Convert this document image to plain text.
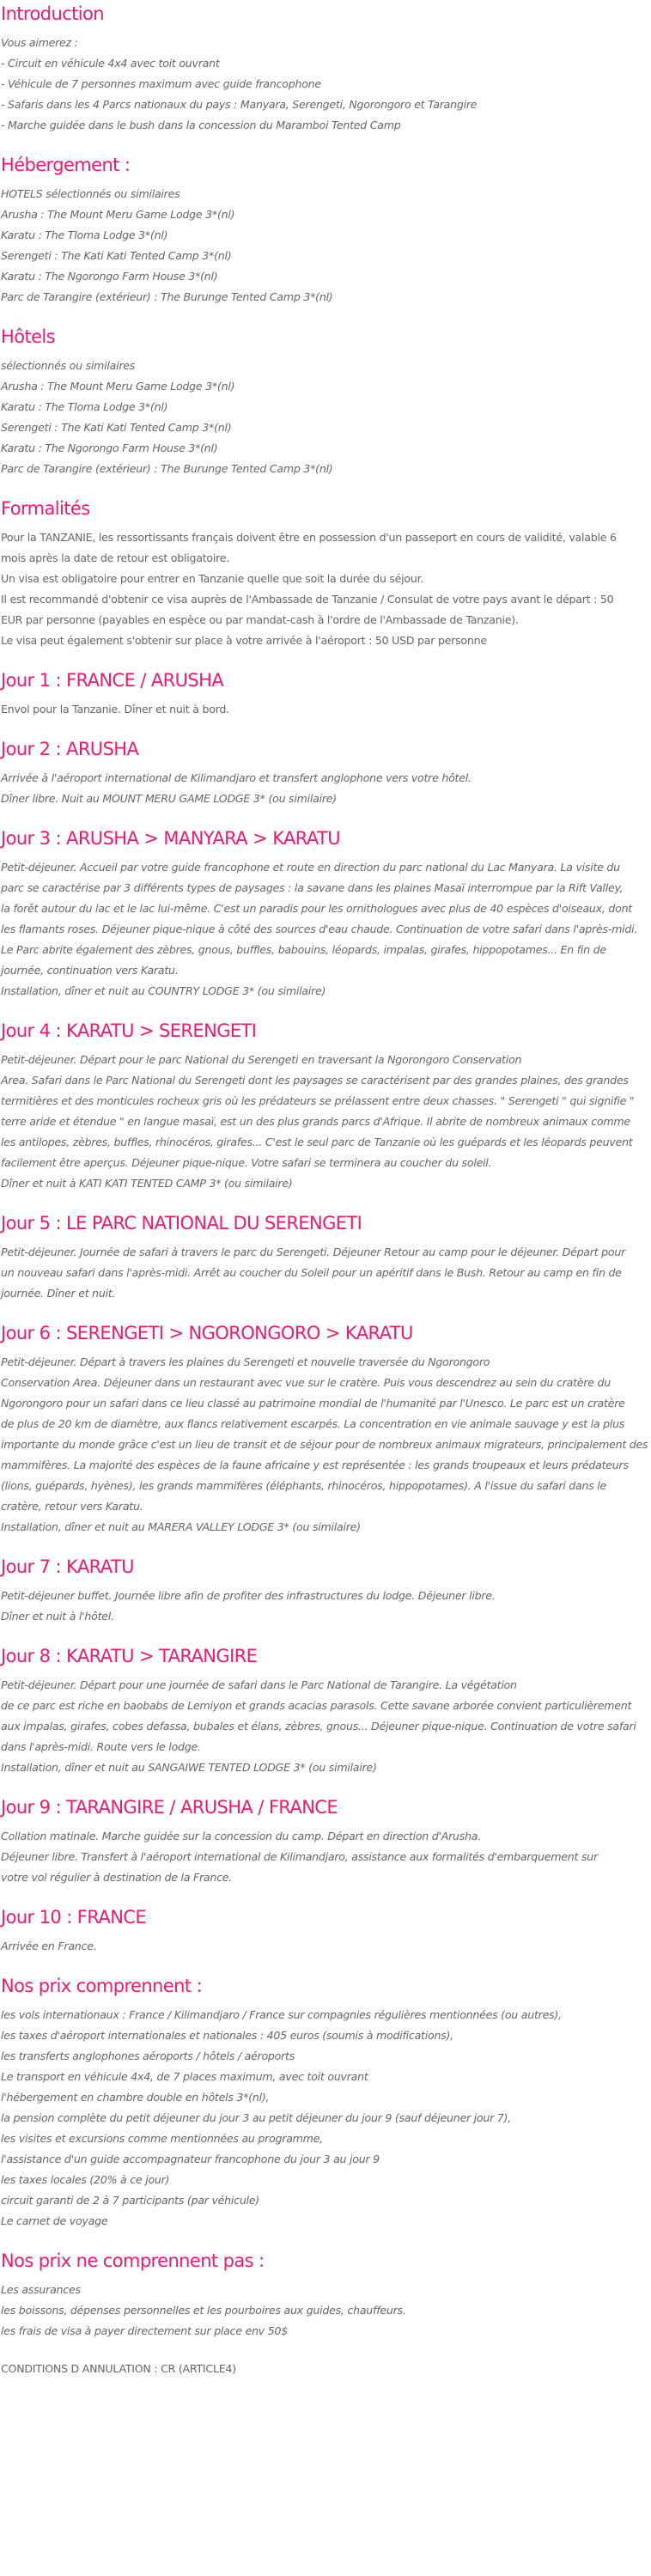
Introduction
Vous aimerez :
- Circuit en véhicule 4x4 avec toit ouvrant
- Véhicule de 7 personnes maximum avec guide francophone
- Safaris dans les 4 Parcs nationaux du pays : Manyara, Serengeti, Ngorongoro et Tarangire
- Marche guidée dans le bush dans la concession du Maramboi Tented Camp
Hébergement :
HOTELS sélectionnés ou similaires
Arusha : The Mount Meru Game Lodge 3*(nl)
Karatu : The Tloma Lodge 3*(nl)
Serengeti : The Kati Kati Tented Camp 3*(nl)
Karatu : The Ngorongo Farm House 3*(nl)
Parc de Tarangire (extérieur) : The Burunge Tented Camp 3*(nl)
Hôtels
sélectionnés ou similaires
Arusha : The Mount Meru Game Lodge 3*(nl)
Karatu : The Tloma Lodge 3*(nl)
Serengeti : The Kati Kati Tented Camp 3*(nl)
Karatu : The Ngorongo Farm House 3*(nl)
Parc de Tarangire (extérieur) : The Burunge Tented Camp 3*(nl)
Formalités
Pour la TANZANIE, les ressortissants français doivent être en possession d'un passeport en cours de validité, valable 6
mois après la date de retour est obligatoire.
Un visa est obligatoire pour entrer en Tanzanie quelle que soit la durée du séjour.
Il est recommandé d'obtenir ce visa auprès de l'Ambassade de Tanzanie / Consulat de votre pays avant le départ : 50
EUR par personne (payables en espèce ou par mandat-cash à l'ordre de l'Ambassade de Tanzanie).
Le visa peut également s'obtenir sur place à votre arrivée à l'aéroport : 50 USD par personne
Jour 1 : FRANCE / ARUSHA
Envol pour la Tanzanie. Dîner et nuit à bord.
Jour 2 : ARUSHA
Arrivée à l'aéroport international de Kilimandjaro et transfert anglophone vers votre hôtel.
Dîner libre. Nuit au MOUNT MERU GAME LODGE 3* (ou similaire)
Jour 3 : ARUSHA > MANYARA > KARATU
Petit-déjeuner. Accueil par votre guide francophone et route en direction du parc national du Lac Manyara. La visite du
parc se caractérise par 3 différents types de paysages : la savane dans les plaines Masaï interrompue par la Rift Valley,
la forêt autour du lac et le lac lui-même. C'est un paradis pour les ornithologues avec plus de 40 espèces d'oiseaux, dont
les flamants roses. Déjeuner pique-nique à côté des sources d'eau chaude. Continuation de votre safari dans l'après-midi.
Le Parc abrite également des zèbres, gnous, buffles, babouins, léopards, impalas, girafes, hippopotames... En fin de
journée, continuation vers Karatu.
Installation, dîner et nuit au COUNTRY LODGE 3* (ou similaire)
Jour 4 : KARATU > SERENGETI
Petit-déjeuner. Départ pour le parc National du Serengeti en traversant la Ngorongoro Conservation
Area. Safari dans le Parc National du Serengeti dont les paysages se caractérisent par des grandes plaines, des grandes
termitières et des monticules rocheux gris où les prédateurs se prélassent entre deux chasses. " Serengeti " qui signifie "
terre aride et étendue " en langue masaï, est un des plus grands parcs d'Afrique. Il abrite de nombreux animaux comme
les antilopes, zèbres, buffles, rhinocéros, girafes... C'est le seul parc de Tanzanie où les guépards et les léopards peuvent
facilement être aperçus. Déjeuner pique-nique. Votre safari se terminera au coucher du soleil.
Dîner et nuit à KATI KATI TENTED CAMP 3* (ou similaire)
Jour 5 : LE PARC NATIONAL DU SERENGETI
Petit-déjeuner. Journée de safari à travers le parc du Serengeti. Déjeuner Retour au camp pour le déjeuner. Départ pour
un nouveau safari dans l'après-midi. Arrêt au coucher du Soleil pour un apéritif dans le Bush. Retour au camp en fin de
journée. Dîner et nuit.
Jour 6 : SERENGETI > NGORONGORO > KARATU
Petit-déjeuner. Départ à travers les plaines du Serengeti et nouvelle traversée du Ngorongoro
Conservation Area. Déjeuner dans un restaurant avec vue sur le cratère. Puis vous descendrez au sein du cratère du
Ngorongoro pour un safari dans ce lieu classé au patrimoine mondial de l'humanité par l'Unesco. Le parc est un cratère
de plus de 20 km de diamètre, aux flancs relativement escarpés. La concentration en vie animale sauvage y est la plus
importante du monde grâce c'est un lieu de transit et de séjour pour de nombreux animaux migrateurs, principalement des
mammifères. La majorité des espèces de la faune africaine y est représentée : les grands troupeaux et leurs prédateurs
(lions, guépards, hyènes), les grands mammifères (éléphants, rhinocéros, hippopotames). A l'issue du safari dans le
cratère, retour vers Karatu.
Installation, dîner et nuit au MARERA VALLEY LODGE 3* (ou similaire)
Jour 7 : KARATU
Petit-déjeuner buffet. Journée libre afin de profiter des infrastructures du lodge. Déjeuner libre.
Dîner et nuit à l'hôtel.
Jour 8 : KARATU > TARANGIRE
Petit-déjeuner. Départ pour une journée de safari dans le Parc National de Tarangire. La végétation
de ce parc est riche en baobabs de Lemiyon et grands acacias parasols. Cette savane arborée convient particulièrement
aux impalas, girafes, cobes defassa, bubales et élans, zèbres, gnous... Déjeuner pique-nique. Continuation de votre safari
dans l'après-midi. Route vers le lodge.
Installation, dîner et nuit au SANGAIWE TENTED LODGE 3* (ou similaire)
Jour 9 : TARANGIRE / ARUSHA / FRANCE
Collation matinale. Marche guidée sur la concession du camp. Départ en direction d'Arusha.
Déjeuner libre. Transfert à l'aéroport international de Kilimandjaro, assistance aux formalités d'embarquement sur
votre vol régulier à destination de la France.
Jour 10 : FRANCE
Arrivée en France.
Nos prix comprennent :
les vols internationaux : France / Kilimandjaro / France sur compagnies régulières mentionnées (ou autres),
les taxes d'aéroport internationales et nationales : 405 euros (soumis à modifications),
les transferts anglophones aéroports / hôtels / aéroports
Le transport en véhicule 4x4, de 7 places maximum, avec toit ouvrant
l'hébergement en chambre double en hôtels 3*(nl),
la pension complète du petit déjeuner du jour 3 au petit déjeuner du jour 9 (sauf déjeuner jour 7),
les visites et excursions comme mentionnées au programme,
l'assistance d'un guide accompagnateur francophone du jour 3 au jour 9
les taxes locales (20% à ce jour)
circuit garanti de 2 à 7 participants (par véhicule)
Le carnet de voyage
Nos prix ne comprennent pas :
Les assurances
les boissons, dépenses personnelles et les pourboires aux guides, chauffeurs.
les frais de visa à payer directement sur place env 50$
CONDITIONS D ANNULATION : CR (ARTICLE4)
